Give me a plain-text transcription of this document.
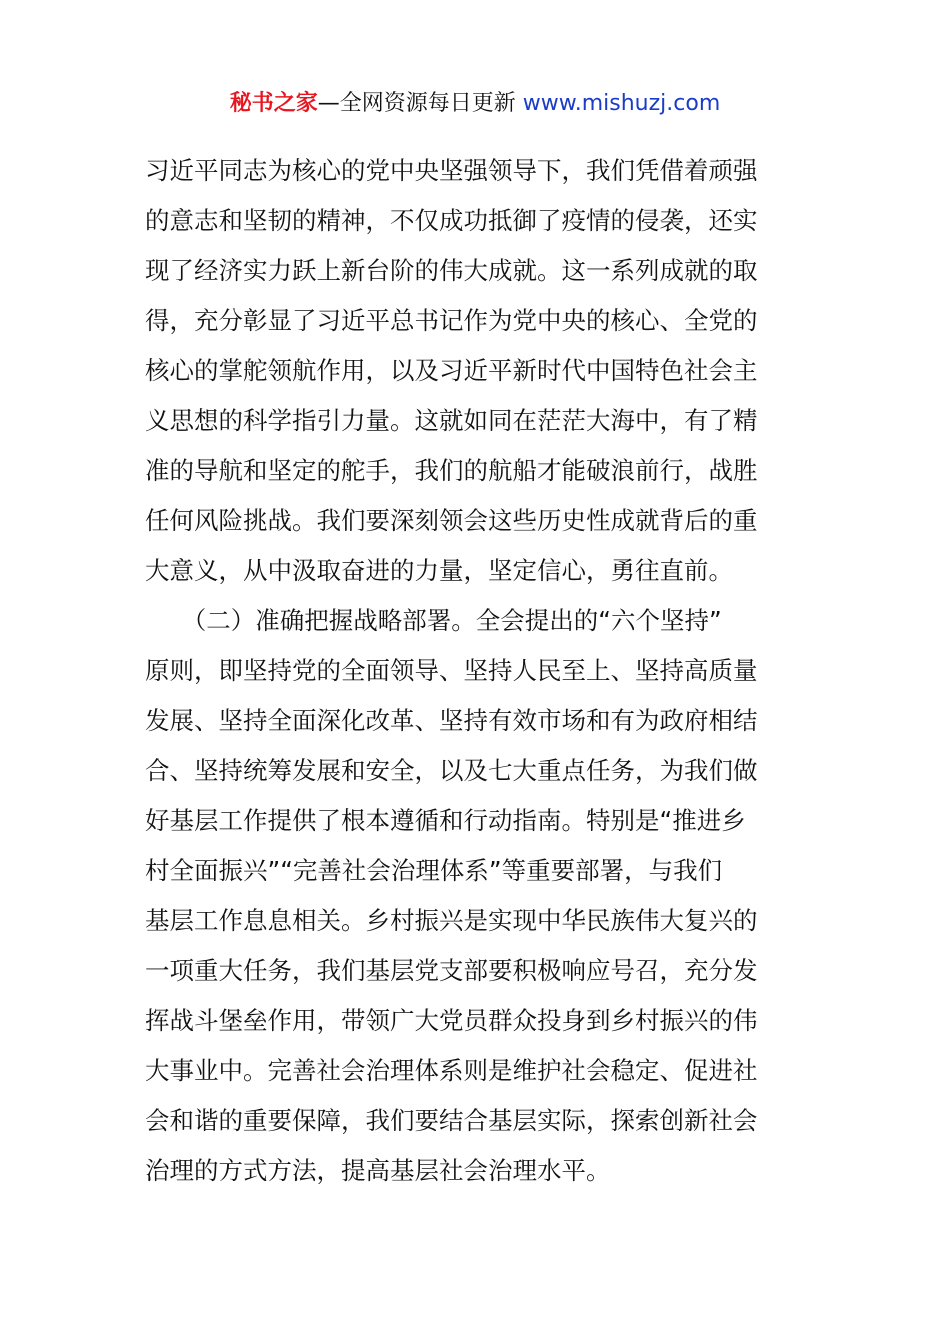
秘书之家—全网资源每日更新 www.mishuzj.com
习近平同志为核心的党中央坚强领导下，我们凭借着顽强
的意志和坚韧的精神，不仅成功抵御了疫情的侵袭，还实
现了经济实力跃上新台阶的伟大成就。这一系列成就的取
得，充分彰显了习近平总书记作为党中央的核心、全党的
核心的掌舵领航作用，以及习近平新时代中国特色社会主
义思想的科学指引力量。这就如同在茫茫大海中，有了精
准的导航和坚定的舵手，我们的航船才能破浪前行，战胜
任何风险挑战。我们要深刻领会这些历史性成就背后的重
大意义，从中汲取奋进的力量，坚定信心，勇往直前。
　　（二）准确把握战略部署。全会提出的“六个坚持”
原则，即坚持党的全面领导、坚持人民至上、坚持高质量
发展、坚持全面深化改革、坚持有效市场和有为政府相结
合、坚持统筹发展和安全，以及七大重点任务，为我们做
好基层工作提供了根本遵循和行动指南。特别是“推进乡
村全面振兴”“完善社会治理体系”等重要部署，与我们
基层工作息息相关。乡村振兴是实现中华民族伟大复兴的
一项重大任务，我们基层党支部要积极响应号召，充分发
挥战斗堡垒作用，带领广大党员群众投身到乡村振兴的伟
大事业中。完善社会治理体系则是维护社会稳定、促进社
会和谐的重要保障，我们要结合基层实际，探索创新社会
治理的方式方法，提高基层社会治理水平。
